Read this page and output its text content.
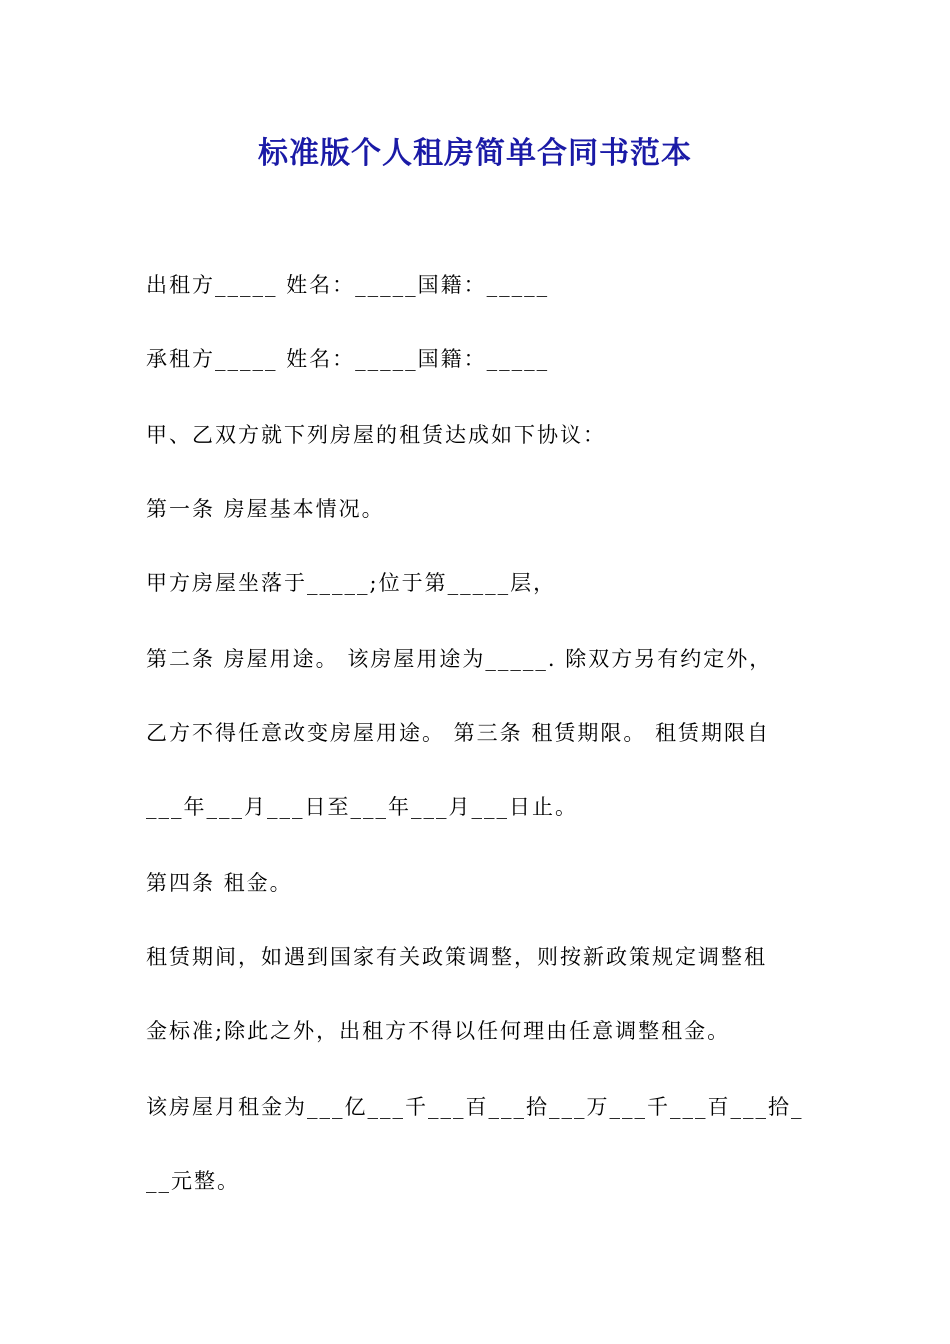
标准版个人租房简单合同书范本
出租方_____ 姓名：_____国籍：_____
承租方_____ 姓名：_____国籍：_____
甲、乙双方就下列房屋的租赁达成如下协议：
第一条 房屋基本情况。
甲方房屋坐落于_____;位于第_____层，
第二条 房屋用途。 该房屋用途为_____. 除双方另有约定外，
乙方不得任意改变房屋用途。 第三条 租赁期限。 租赁期限自
___年___月___日至___年___月___日止。
第四条 租金。
租赁期间，如遇到国家有关政策调整，则按新政策规定调整租
金标准;除此之外，出租方不得以任何理由任意调整租金。
该房屋月租金为___亿___千___百___拾___万___千___百___拾_
__元整。
